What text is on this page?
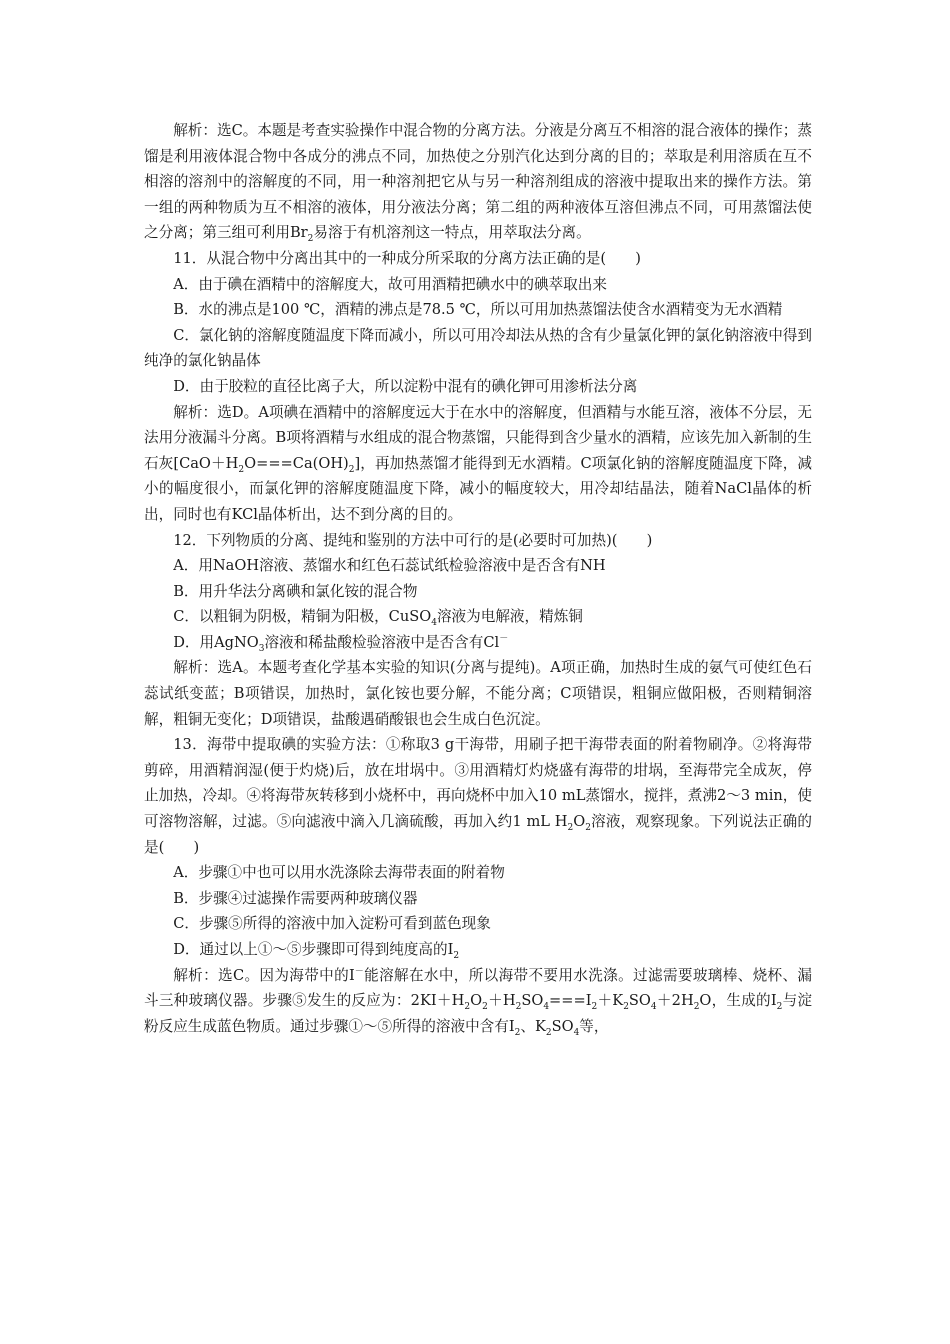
解析：选C。本题是考查实验操作中混合物的分离方法。分液是分离互不相溶的混合液体的操作；蒸馏是利用液体混合物中各成分的沸点不同，加热使之分别汽化达到分离的目的；萃取是利用溶质在互不相溶的溶剂中的溶解度的不同，用一种溶剂把它从与另一种溶剂组成的溶液中提取出来的操作方法。第一组的两种物质为互不相溶的液体，用分液法分离；第二组的两种液体互溶但沸点不同，可用蒸馏法使之分离；第三组可利用$Br_2$易溶于有机溶剂这一特点，用萃取法分离。

11．从混合物中分离出其中的一种成分所采取的分离方法正确的是(　　)

A．由于碘在酒精中的溶解度大，故可用酒精把碘水中的碘萃取出来

B．水的沸点是100 ℃，酒精的沸点是78.5 ℃，所以可用加热蒸馏法使含水酒精变为无水酒精

C．氯化钠的溶解度随温度下降而减小，所以可用冷却法从热的含有少量氯化钾的氯化钠溶液中得到纯净的氯化钠晶体

D．由于胶粒的直径比离子大，所以淀粉中混有的碘化钾可用渗析法分离

解析：选D。A项碘在酒精中的溶解度远大于在水中的溶解度，但酒精与水能互溶，液体不分层，无法用分液漏斗分离。B项将酒精与水组成的混合物蒸馏，只能得到含少量水的酒精，应该先加入新制的生石灰$[CaO+H_2O===Ca(OH)_2]$，再加热蒸馏才能得到无水酒精。C项氯化钠的溶解度随温度下降，减小的幅度很小，而氯化钾的溶解度随温度下降，减小的幅度较大，用冷却结晶法，随着NaCl晶体的析出，同时也有KCl晶体析出，达不到分离的目的。

12．下列物质的分离、提纯和鉴别的方法中可行的是(必要时可加热)(　　)

A．用NaOH溶液、蒸馏水和红色石蕊试纸检验溶液中是否含有NH

B．用升华法分离碘和氯化铵的混合物

C．以粗铜为阴极，精铜为阳极，CuSO$_4$溶液为电解液，精炼铜

D．用AgNO$_3$溶液和稀盐酸检验溶液中是否含有Cl－

解析：选A。本题考查化学基本实验的知识(分离与提纯)。A项正确，加热时生成的氨气可使红色石蕊试纸变蓝；B项错误，加热时，氯化铵也要分解，不能分离；C项错误，粗铜应做阳极，否则精铜溶解，粗铜无变化；D项错误，盐酸遇硝酸银也会生成白色沉淀。

13．海带中提取碘的实验方法：①称取3 g干海带，用刷子把干海带表面的附着物刷净。②将海带剪碎，用酒精润湿(便于灼烧)后，放在坩埚中。③用酒精灯灼烧盛有海带的坩埚，至海带完全成灰，停止加热，冷却。④将海带灰转移到小烧杯中，再向烧杯中加入10 mL蒸馏水，搅拌，煮沸2～3 min，使可溶物溶解，过滤。⑤向滤液中滴入几滴硫酸，再加入约1 mL $H_2O_2$溶液，观察现象。下列说法正确的是(　　)

A．步骤①中也可以用水洗涤除去海带表面的附着物

B．步骤④过滤操作需要两种玻璃仪器

C．步骤⑤所得的溶液中加入淀粉可看到蓝色现象

D．通过以上①～⑤步骤即可得到纯度高的$I_2$

解析：选C。因为海带中的I－能溶解在水中，所以海带不要用水洗涤。过滤需要玻璃棒、烧杯、漏斗三种玻璃仪器。步骤⑤发生的反应为：$2KI+H_2O_2+H_2SO_4===I_2+K_2SO_4+2H_2O$，生成的$I_2$与淀粉反应生成蓝色物质。通过步骤①～⑤所得的溶液中含有$I_2$、$K_2SO_4$等，
